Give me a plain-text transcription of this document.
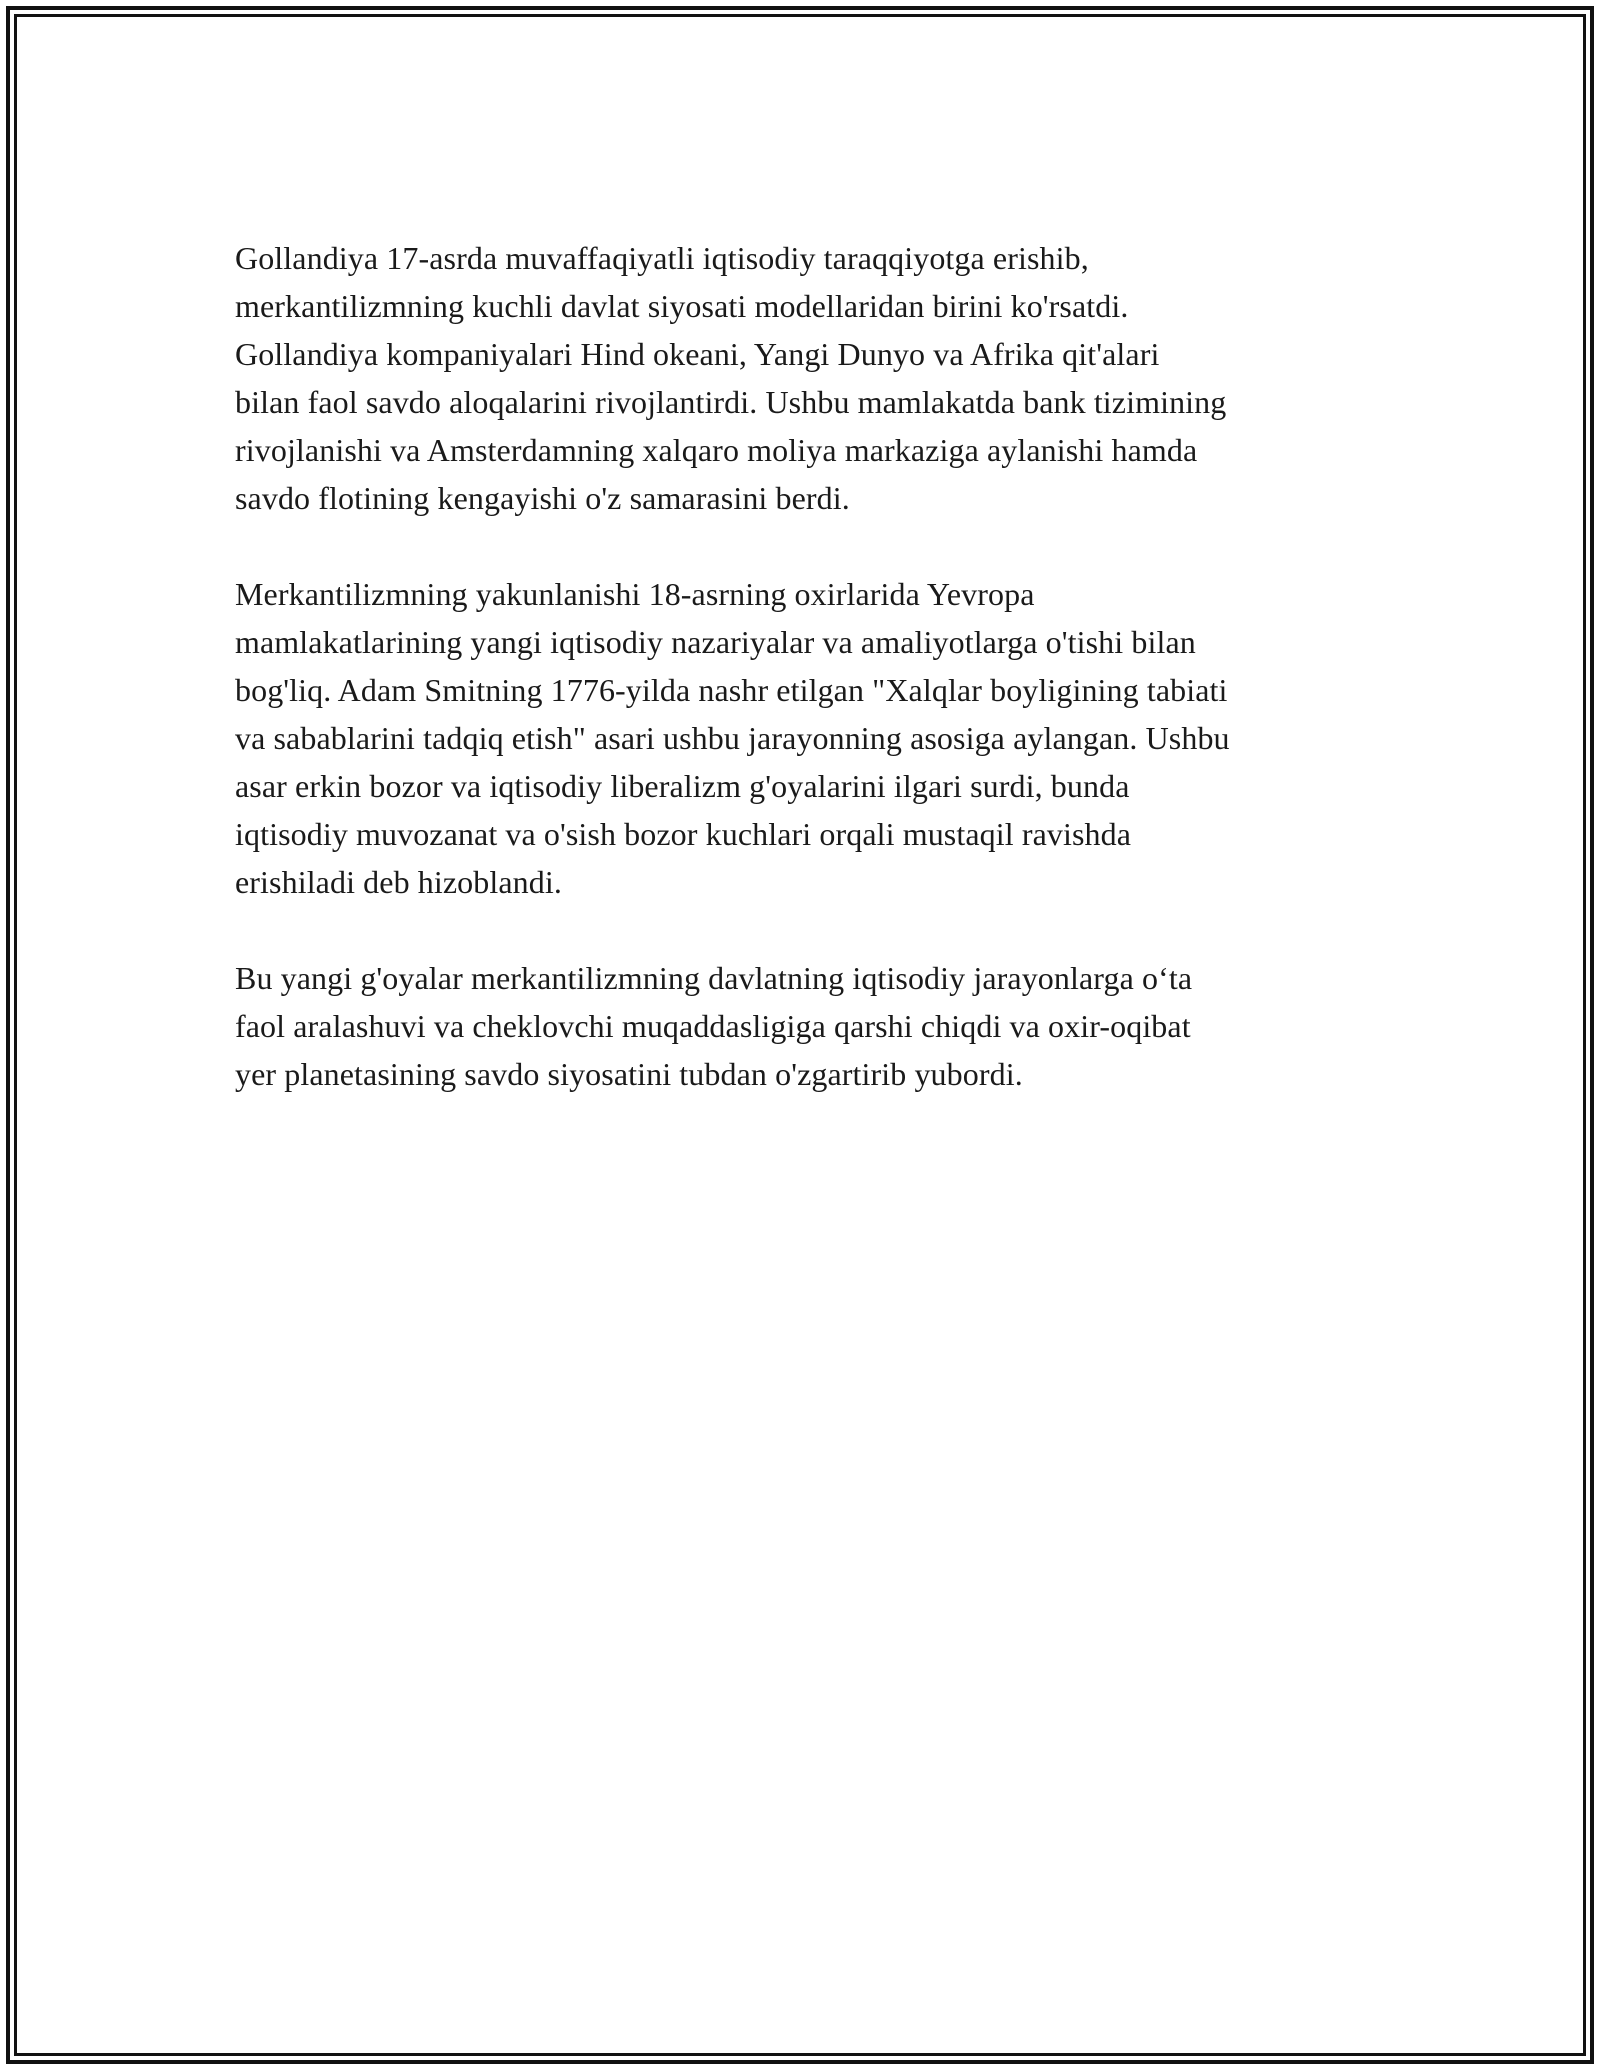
Gollandiya 17-asrda muvaffaqiyatli iqtisodiy taraqqiyotga erishib,
merkantilizmning kuchli davlat siyosati modellaridan birini ko'rsatdi.
Gollandiya kompaniyalari Hind okeani, Yangi Dunyo va Afrika qit'alari
bilan faol savdo aloqalarini rivojlantirdi. Ushbu mamlakatda bank tizimining
rivojlanishi va Amsterdamning xalqaro moliya markaziga aylanishi hamda
savdo flotining kengayishi o'z samarasini berdi.

Merkantilizmning yakunlanishi 18-asrning oxirlarida Yevropa
mamlakatlarining yangi iqtisodiy nazariyalar va amaliyotlarga o'tishi bilan
bog'liq. Adam Smitning 1776-yilda nashr etilgan "Xalqlar boyligining tabiati
va sabablarini tadqiq etish" asari ushbu jarayonning asosiga aylangan. Ushbu
asar erkin bozor va iqtisodiy liberalizm g'oyalarini ilgari surdi, bunda
iqtisodiy muvozanat va o'sish bozor kuchlari orqali mustaqil ravishda
erishiladi deb hizoblandi.

Bu yangi g'oyalar merkantilizmning davlatning iqtisodiy jarayonlarga o‘ta
faol aralashuvi va cheklovchi muqaddasligiga qarshi chiqdi va oxir-oqibat
yer planetasining savdo siyosatini tubdan o'zgartirib yubordi.
